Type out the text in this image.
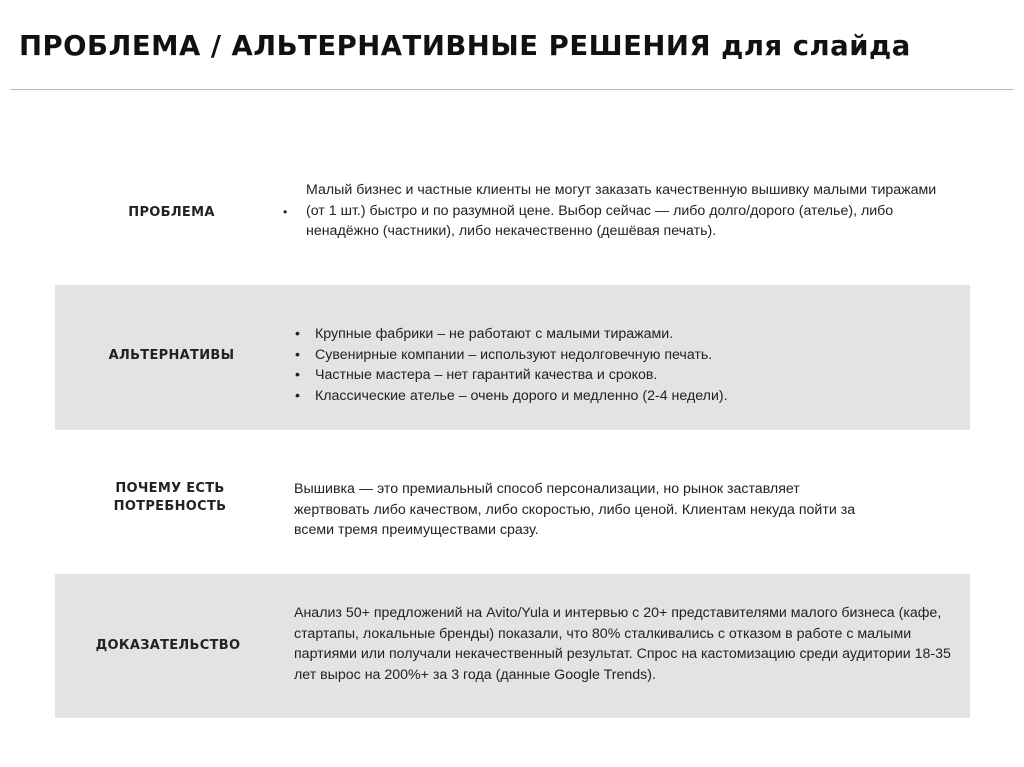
ПРОБЛЕМА / АЛЬТЕРНАТИВНЫЕ РЕШЕНИЯ для слайда
ПРОБЛЕМА	•
Малый бизнес и частные клиенты не могут заказать качественную вышивку малыми тиражами (от 1 шт.) быстро и по разумной цене. Выбор сейчас — либо долго/дорого (ателье), либо ненадёжно (частники), либо некачественно (дешёвая печать).
АЛЬТЕРНАТИВЫ
• Крупные фабрики – не работают с малыми тиражами.
• Сувенирные компании – используют недолговечную печать.
• Частные мастера – нет гарантий качества и сроков.
• Классические ателье – очень дорого и медленно (2-4 недели).
ПОЧЕМУ ЕСТЬ ПОТРЕБНОСТЬ
Вышивка — это премиальный способ персонализации, но рынок заставляет жертвовать либо качеством, либо скоростью, либо ценой. Клиентам некуда пойти за всеми тремя преимуществами сразу.
ДОКАЗАТЕЛЬСТВО
Анализ 50+ предложений на Avito/Yula и интервью с 20+ представителями малого бизнеса (кафе, стартапы, локальные бренды) показали, что 80% сталкивались с отказом в работе с малыми партиями или получали некачественный результат. Спрос на кастомизацию среди аудитории 18-35 лет вырос на 200%+ за 3 года (данные Google Trends).
